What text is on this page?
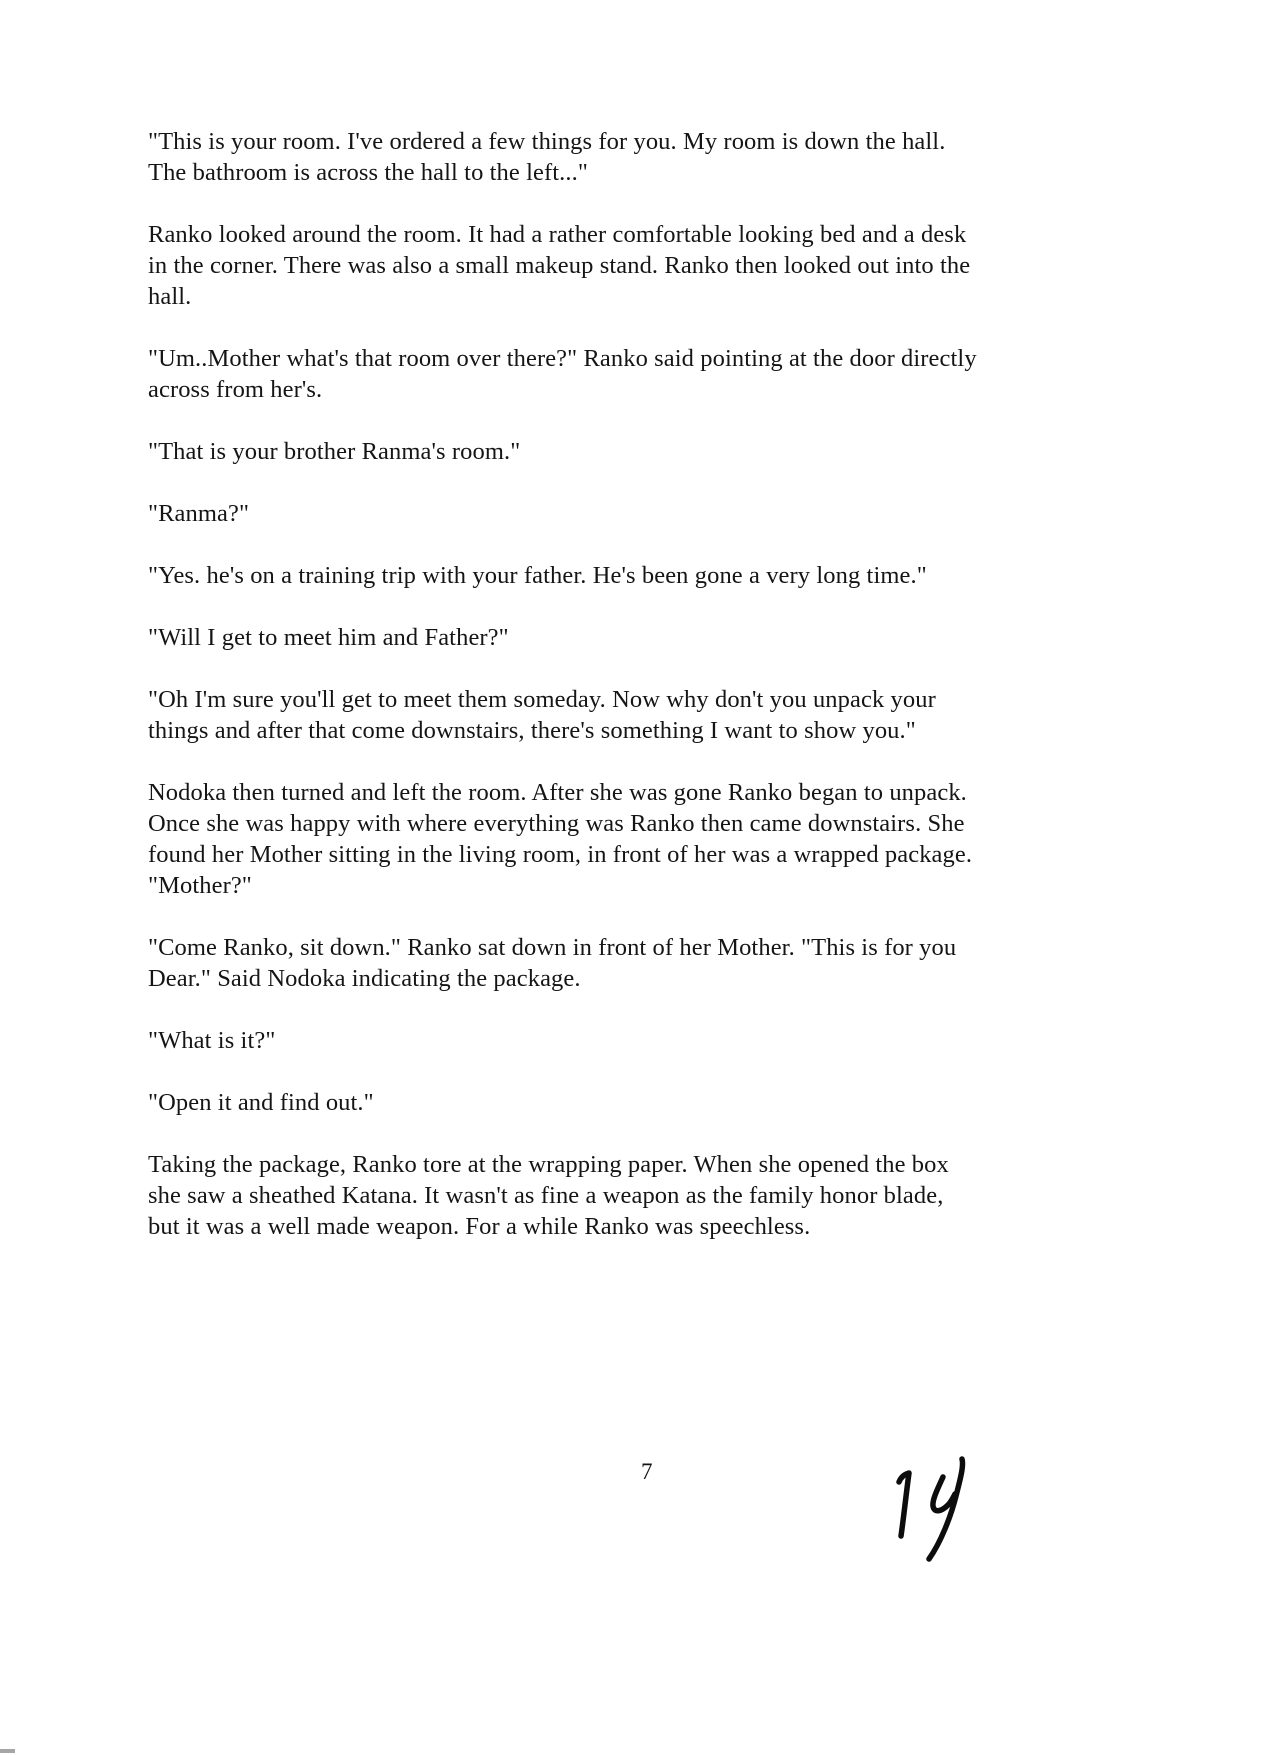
"This is your room. I've ordered a few things for you. My room is down the hall.
The bathroom is across the hall to the left..."

Ranko looked around the room. It had a rather comfortable looking bed and a desk
in the corner. There was also a small makeup stand. Ranko then looked out into the
hall.

"Um..Mother what's that room over there?" Ranko said pointing at the door directly
across from her's.

"That is your brother Ranma's room."

"Ranma?"

"Yes. he's on a training trip with your father. He's been gone a very long time."

"Will I get to meet him and Father?"

"Oh I'm sure you'll get to meet them someday. Now why don't you unpack your
things and after that come downstairs, there's something I want to show you."

Nodoka then turned and left the room. After she was gone Ranko began to unpack.
Once she was happy with where everything was Ranko then came downstairs. She
found her Mother sitting in the living room, in front of her was a wrapped package.
"Mother?"

"Come Ranko, sit down." Ranko sat down in front of her Mother. "This is for you
Dear." Said Nodoka indicating the package.

"What is it?"

"Open it and find out."

Taking the package, Ranko tore at the wrapping paper. When she opened the box
she saw a sheathed Katana. It wasn't as fine a weapon as the family honor blade,
but it was a well made weapon. For a while Ranko was speechless.

7
